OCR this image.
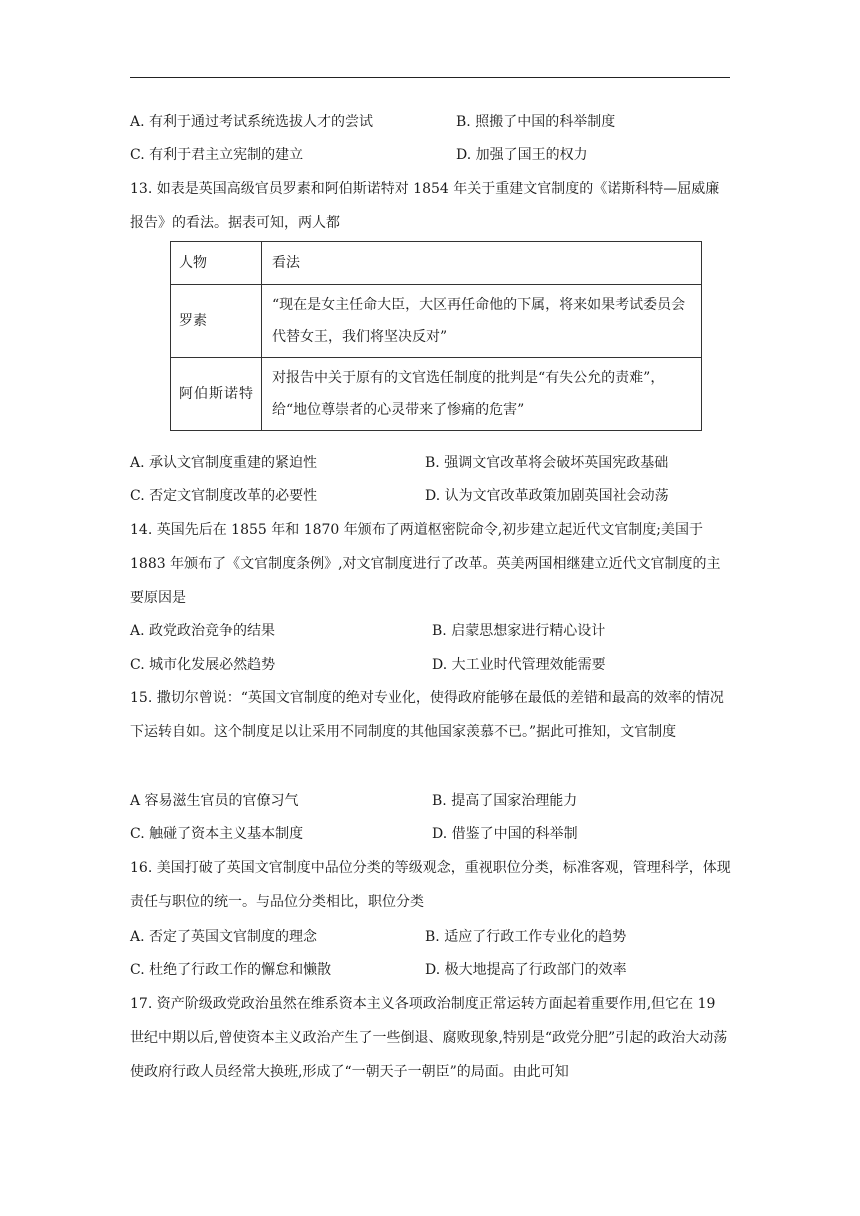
A. 有利于通过考试系统选拔人才的尝试	B. 照搬了中国的科举制度
C. 有利于君主立宪制的建立	D. 加强了国王的权力
13. 如表是英国高级官员罗素和阿伯斯诺特对 1854 年关于重建文官制度的《诺斯科特—屈威廉报告》的看法。据表可知，两人都
人物	看法
罗素	“现在是女主任命大臣，大区再任命他的下属，将来如果考试委员会代替女王，我们将坚决反对”
阿伯斯诺特	对报告中关于原有的文官选任制度的批判是“有失公允的责难”，给“地位尊崇者的心灵带来了惨痛的危害”
A. 承认文官制度重建的紧迫性	B. 强调文官改革将会破坏英国宪政基础
C. 否定文官制度改革的必要性	D. 认为文官改革政策加剧英国社会动荡
14. 英国先后在 1855 年和 1870 年颁布了两道枢密院命令,初步建立起近代文官制度;美国于 1883 年颁布了《文官制度条例》,对文官制度进行了改革。英美两国相继建立近代文官制度的主要原因是
A. 政党政治竞争的结果	B. 启蒙思想家进行精心设计
C. 城市化发展必然趋势	D. 大工业时代管理效能需要
15. 撒切尔曾说：“英国文官制度的绝对专业化，使得政府能够在最低的差错和最高的效率的情况下运转自如。这个制度足以让采用不同制度的其他国家羡慕不已。”据此可推知，文官制度
A 容易滋生官员的官僚习气	B. 提高了国家治理能力
C. 触碰了资本主义基本制度	D. 借鉴了中国的科举制
16. 美国打破了英国文官制度中品位分类的等级观念，重视职位分类，标准客观，管理科学，体现责任与职位的统一。与品位分类相比，职位分类
A. 否定了英国文官制度的理念	B. 适应了行政工作专业化的趋势
C. 杜绝了行政工作的懈怠和懒散	D. 极大地提高了行政部门的效率
17. 资产阶级政党政治虽然在维系资本主义各项政治制度正常运转方面起着重要作用,但它在 19 世纪中期以后,曾使资本主义政治产生了一些倒退、腐败现象,特别是“政党分肥”引起的政治大动荡使政府行政人员经常大换班,形成了“一朝天子一朝臣”的局面。由此可知
